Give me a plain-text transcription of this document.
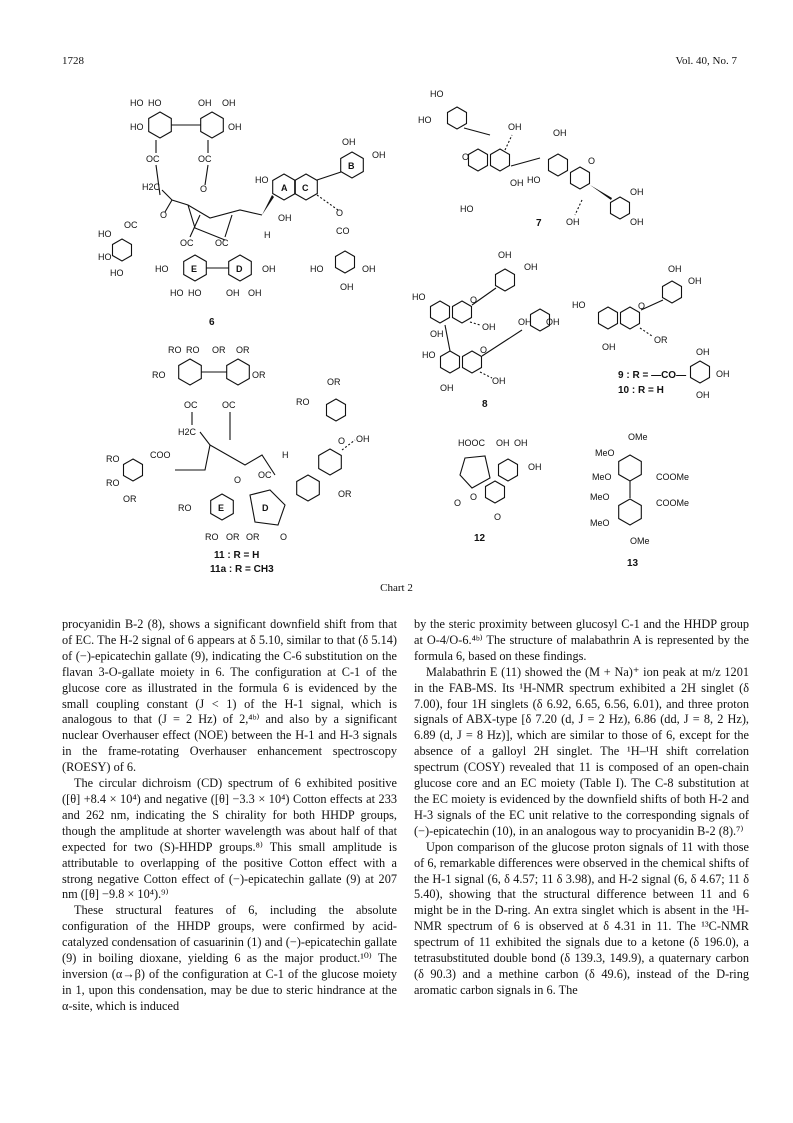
1728	Vol. 40, No. 7
HO HO	OH OH
HO	OH
OC	OC
O
H2C
O
OC
HO
HO
HO
OC OC
E	D
HO	OH
HO HO	OH OH
H
A C
HO
OH
B
OH
OH
O
CO
HO	OH
OH
6
HO
HO
O
OH
OH
HO
OH
HO
O
OH
OH
OH
7
OH
OH
HO	O
OH
OH
OH OH
HO	O
OH
OH
8
OH
OH
HO	O
OR
OH
9 : R = —CO—
10 : R = H
OH
OH
OH
RO RO OR OR
RO	OR
OC	OC
H2C
COO
RO
RO
OR
OC
O
E
RO
RO OR OR
D
O
H
O OH
OR
OR
RO
11 : R = H
11a : R = CH3
HOOC OH OH
OH
O
O
O
12
OMe
MeO
MeO	COOMe
MeO
COOMe
MeO
OMe
13
Chart 2

procyanidin B-2 (8), shows a significant downfield shift from that of EC. The H-2 signal of 6 appears at δ 5.10, similar to that (δ 5.14) of (−)-epicatechin gallate (9), indicating the C-6 substitution on the flavan 3-O-gallate moiety in 6. The configuration at C-1 of the glucose core as illustrated in the formula 6 is evidenced by the small coupling constant (J < 1) of the H-1 signal, which is analogous to that (J = 2 Hz) of 2,⁴ᵇ⁾ and also by a significant nuclear Overhauser effect (NOE) between the H-1 and H-3 signals in the frame-rotating Overhauser enhancement spectroscopy (ROESY) of 6.

The circular dichroism (CD) spectrum of 6 exhibited positive ([θ] +8.4 × 10⁴) and negative ([θ] −3.3 × 10⁴) Cotton effects at 233 and 262 nm, indicating the S chirality for both HHDP groups, though the amplitude at shorter wavelength was about half of that expected for two (S)-HHDP groups.⁸⁾ This small amplitude is attributable to overlapping of the positive Cotton effect with a strong negative Cotton effect of (−)-epicatechin gallate (9) at 207 nm ([θ] −9.8 × 10⁴).⁹⁾

These structural features of 6, including the absolute configuration of the HHDP groups, were confirmed by acid-catalyzed condensation of casuarinin (1) and (−)-epicatechin gallate (9) in boiling dioxane, yielding 6 as the major product.¹⁰⁾ The inversion (α→β) of the configuration at C-1 of the glucose moiety in 1, upon this condensation, may be due to steric hindrance at the α-site, which is induced

by the steric proximity between glucosyl C-1 and the HHDP group at O-4/O-6.⁴ᵇ⁾ The structure of malabathrin A is represented by the formula 6, based on these findings.

Malabathrin E (11) showed the (M + Na)⁺ ion peak at m/z 1201 in the FAB-MS. Its ¹H-NMR spectrum exhibited a 2H singlet (δ 7.00), four 1H singlets (δ 6.92, 6.65, 6.56, 6.01), and three proton signals of ABX-type [δ 7.20 (d, J = 2 Hz), 6.86 (dd, J = 8, 2 Hz), 6.89 (d, J = 8 Hz)], which are similar to those of 6, except for the absence of a galloyl 2H singlet. The ¹H–¹H shift correlation spectrum (COSY) revealed that 11 is composed of an open-chain glucose core and an EC moiety (Table I). The C-8 substitution at the EC moiety is evidenced by the downfield shifts of both H-2 and H-3 signals of the EC unit relative to the corresponding signals of (−)-epicatechin (10), in an analogous way to procyanidin B-2 (8).⁷⁾

Upon comparison of the glucose proton signals of 11 with those of 6, remarkable differences were observed in the chemical shifts of the H-1 signal (6, δ 4.57; 11 δ 3.98), and H-2 signal (6, δ 4.67; 11 δ 5.40), showing that the structural difference between 11 and 6 might be in the D-ring. An extra singlet which is absent in the ¹H-NMR spectrum of 6 is observed at δ 4.31 in 11. The ¹³C-NMR spectrum of 11 exhibited the signals due to a ketone (δ 196.0), a tetrasubstituted double bond (δ 139.3, 149.9), a quaternary carbon (δ 90.3) and a methine carbon (δ 49.6), instead of the D-ring aromatic carbon signals in 6. The
